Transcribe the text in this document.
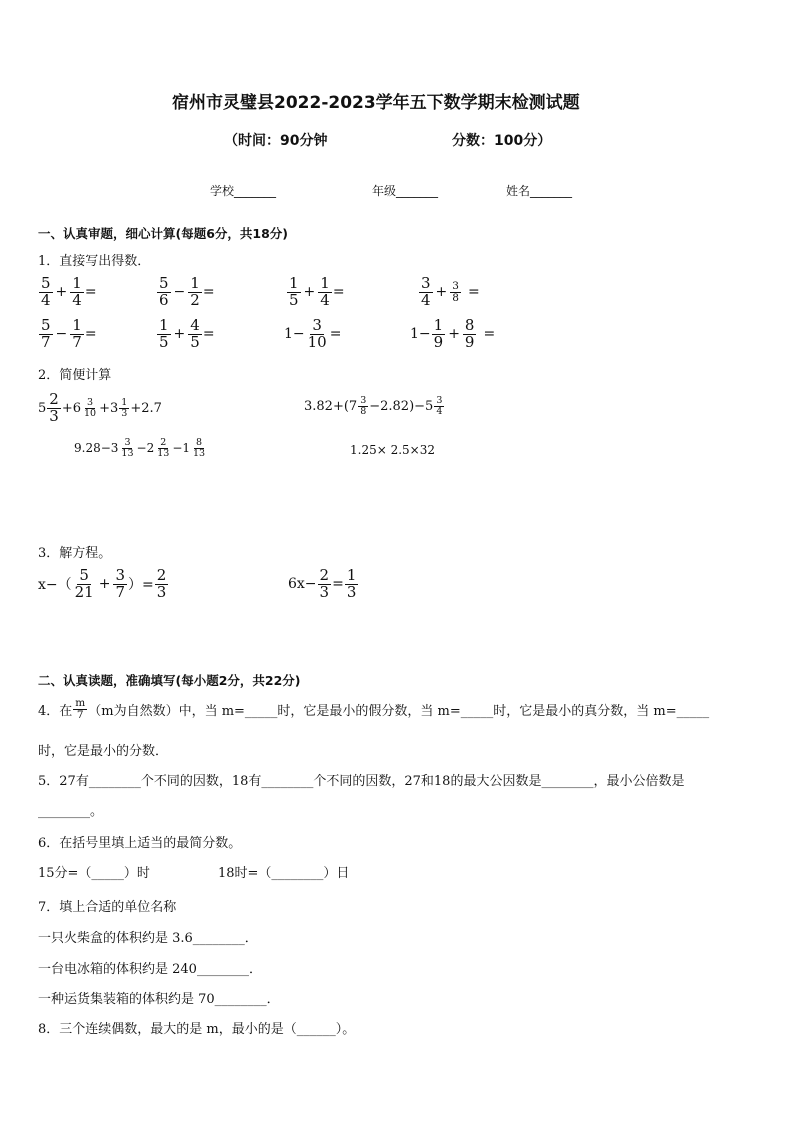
宿州市灵璧县2022-2023学年五下数学期末检测试题
（时间：90分钟	分数：100分）
学校_______	年级_______	姓名_______
一、认真审题，细心计算(每题6分，共18分)
1．直接写出得数．
$\frac{5}{4} + \frac{1}{4}$ =	$\frac{5}{6} - \frac{1}{2}$ =	$\frac{1}{5} + \frac{1}{4}$ =	$\frac{3}{4} + \frac{3}{8}$ =
$\frac{5}{7} - \frac{1}{7}$ =	$\frac{1}{5} + \frac{4}{5}$ =	$1- \frac{3}{10}$ =	$1- \frac{1}{9} + \frac{8}{9}$ =
2．简便计算
$5 \frac{2}{3} +6 \frac{3}{10} +3 \frac{1}{3} +2.7$	$3.82+(7 \frac{3}{8} -2.82)-5 \frac{3}{4}$
$9.28-3 \frac{3}{13} -2 \frac{2}{13} -1 \frac{8}{13}$	1.25× 2.5×32
3．解方程。
$x-( \frac{5}{21} + \frac{3}{7}$ ）= $\frac{2}{3}$	$6x- \frac{2}{3} = \frac{1}{3}$
二、认真读题，准确填写(每小题2分，共22分)
4．在 $\frac{m}{7} (m$为自然数）中，当 m=_____时，它是最小的假分数，当 m=_____时，它是最小的真分数，当 m=_____
时，它是最小的分数．
5．27有________个不同的因数，18有________个不同的因数，27和18的最大公因数是________，最小公倍数是
________。
6．在括号里填上适当的最简分数。
15分=（_____）时	18时=（________）日
7．填上合适的单位名称
一只火柴盒的体积约是 3.6________．
一台电冰箱的体积约是 240________．
一种运货集装箱的体积约是 70________．
8．三个连续偶数，最大的是 m，最小的是（______）。
